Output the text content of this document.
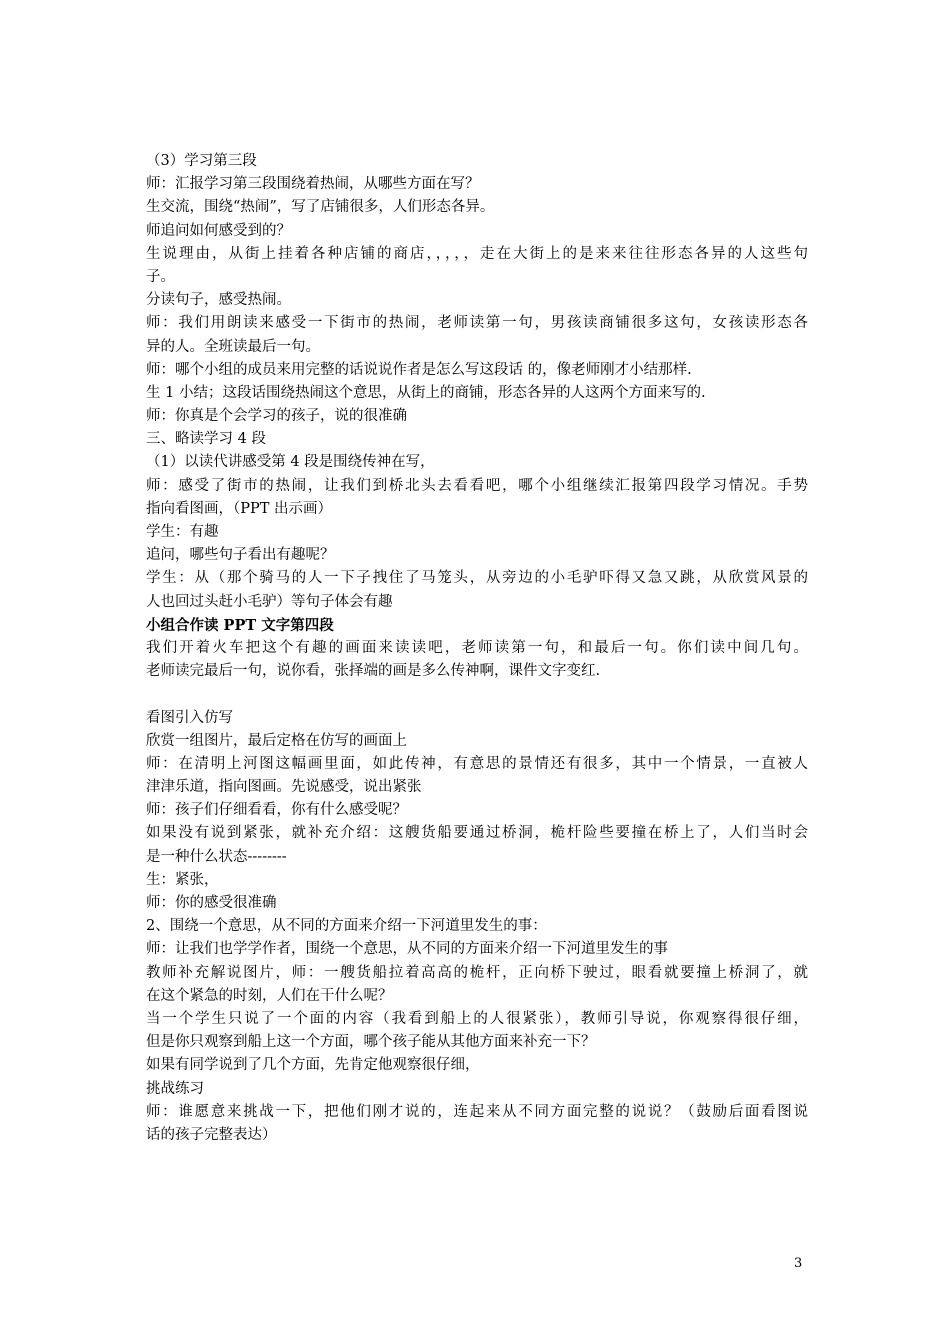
（3）学习第三段
师：汇报学习第三段围绕着热闹，从哪些方面在写？
生交流，围绕“热闹”，写了店铺很多，人们形态各异。
师追问如何感受到的？
生说理由，从街上挂着各种店铺的商店，，，，，走在大街上的是来来往往形态各异的人这些句
子。
分读句子，感受热闹。
师：我们用朗读来感受一下街市的热闹，老师读第一句，男孩读商铺很多这句，女孩读形态各
异的人。全班读最后一句。
师：哪个小组的成员来用完整的话说说作者是怎么写这段话 的，像老师刚才小结那样.
生 1 小结；这段话围绕热闹这个意思，从街上的商铺，形态各异的人这两个方面来写的.
师：你真是个会学习的孩子，说的很准确
三、略读学习 4 段
（1）以读代讲感受第 4 段是围绕传神在写，
师：感受了街市的热闹，让我们到桥北头去看看吧，哪个小组继续汇报第四段学习情况。手势
指向看图画，（PPT 出示画）
学生：有趣
追问，哪些句子看出有趣呢？
学生：从（那个骑马的人一下子拽住了马笼头，从旁边的小毛驴吓得又急又跳，从欣赏风景的
人也回过头赶小毛驴）等句子体会有趣
小组合作读 PPT 文字第四段
我们开着火车把这个有趣的画面来读读吧，老师读第一句，和最后一句。你们读中间几句。
老师读完最后一句，说你看，张择端的画是多么传神啊，课件文字变红.
看图引入仿写
欣赏一组图片，最后定格在仿写的画面上
师：在清明上河图这幅画里面，如此传神，有意思的景情还有很多，其中一个情景，一直被人
津津乐道，指向图画。先说感受，说出紧张
师：孩子们仔细看看，你有什么感受呢？
如果没有说到紧张，就补充介绍：这艘货船要通过桥洞，桅杆险些要撞在桥上了，人们当时会
是一种什么状态--------
生：紧张，
师：你的感受很准确
2、围绕一个意思，从不同的方面来介绍一下河道里发生的事：
师：让我们也学学作者，围绕一个意思，从不同的方面来介绍一下河道里发生的事
教师补充解说图片，师：一艘货船拉着高高的桅杆，正向桥下驶过，眼看就要撞上桥洞了，就
在这个紧急的时刻，人们在干什么呢？
当一个学生只说了一个面的内容（我看到船上的人很紧张），教师引导说，你观察得很仔细，
但是你只观察到船上这一个方面，哪个孩子能从其他方面来补充一下？
如果有同学说到了几个方面，先肯定他观察很仔细，
挑战练习
师：谁愿意来挑战一下，把他们刚才说的，连起来从不同方面完整的说说？（鼓励后面看图说
话的孩子完整表达）
3
